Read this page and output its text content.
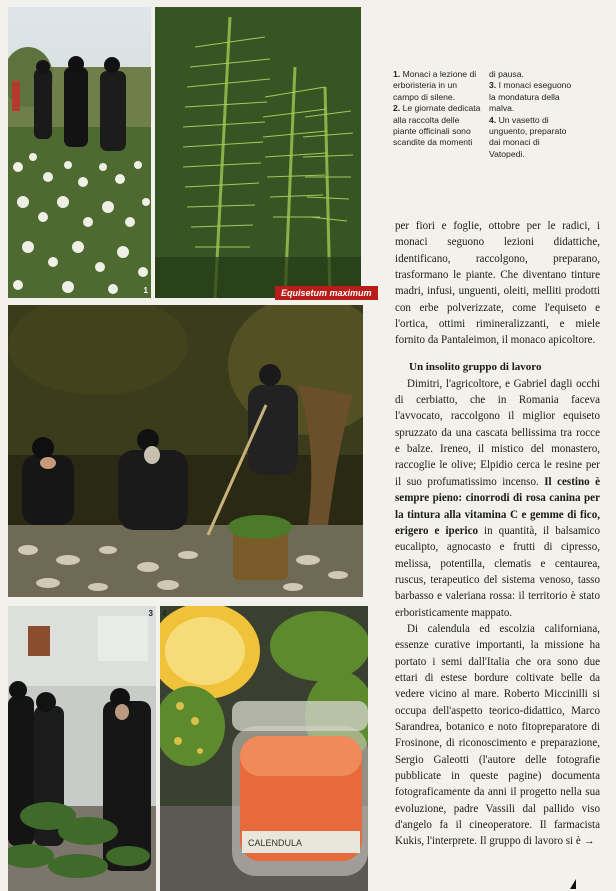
1	Equisetum maximum
1. Monaci a lezione di erboristeria in un campo di silene.
2. Le giornate dedicata alla raccolta delle piante officinali sono scandite da momenti
di pausa.
3. I monaci eseguono la mondatura della malva.
4. Un vasetto di unguento, preparato dai monaci di Vatopedi.
3
CALENDULA
4

per fiori e foglie, ottobre per le radici, i monaci seguono lezioni didattiche, identificano, raccolgono, preparano, trasformano le piante. Che diventano tinture madri, infusi, unguenti, oleiti, melliti prodotti con erbe polverizzate, come l'equiseto e l'ortica, ottimi rimineralizzanti, e miele fornito da Pantaleimon, il monaco apicoltore.

Un insolito gruppo di lavoro

Dimitri, l'agricoltore, e Gabriel dagli occhi di cerbiatto, che in Romania faceva l'avvocato, raccolgono il miglior equiseto spruzzato da una cascata bellissima tra rocce e balze. Ireneo, il mistico del monastero, raccoglie le olive; Elpidio cerca le resine per il suo profumatissimo incenso. Il cestino è sempre pieno: cinorrodi di rosa canina per la tintura alla vitamina C e gemme di fico, erigero e iperico in quantità, il balsamico eucalipto, agnocasto e frutti di cipresso, melissa, potentilla, clematis e centaurea, ruscus, terapeutico del sistema venoso, tasso barbasso e valeriana rossa: il territorio è stato erboristicamente mappato.

Di calendula ed escolzia californiana, essenze curative importanti, la missione ha portato i semi dall'Italia che ora sono due ettari di estese bordure coltivate belle da vedere vicino al mare. Roberto Miccinilli si occupa dell'aspetto teorico-didattico, Marco Sarandrea, botanico e noto fitopreparatore di Frosinone, di riconoscimento e preparazione, Sergio Galeotti (l'autore delle fotografie pubblicate in queste pagine) documenta fotograficamente da anni il progetto nella sua evoluzione, padre Vassili dal pallido viso d'angelo fa il cineoperatore. Il farmacista Kukis, l'interprete. Il gruppo di lavoro si è →
